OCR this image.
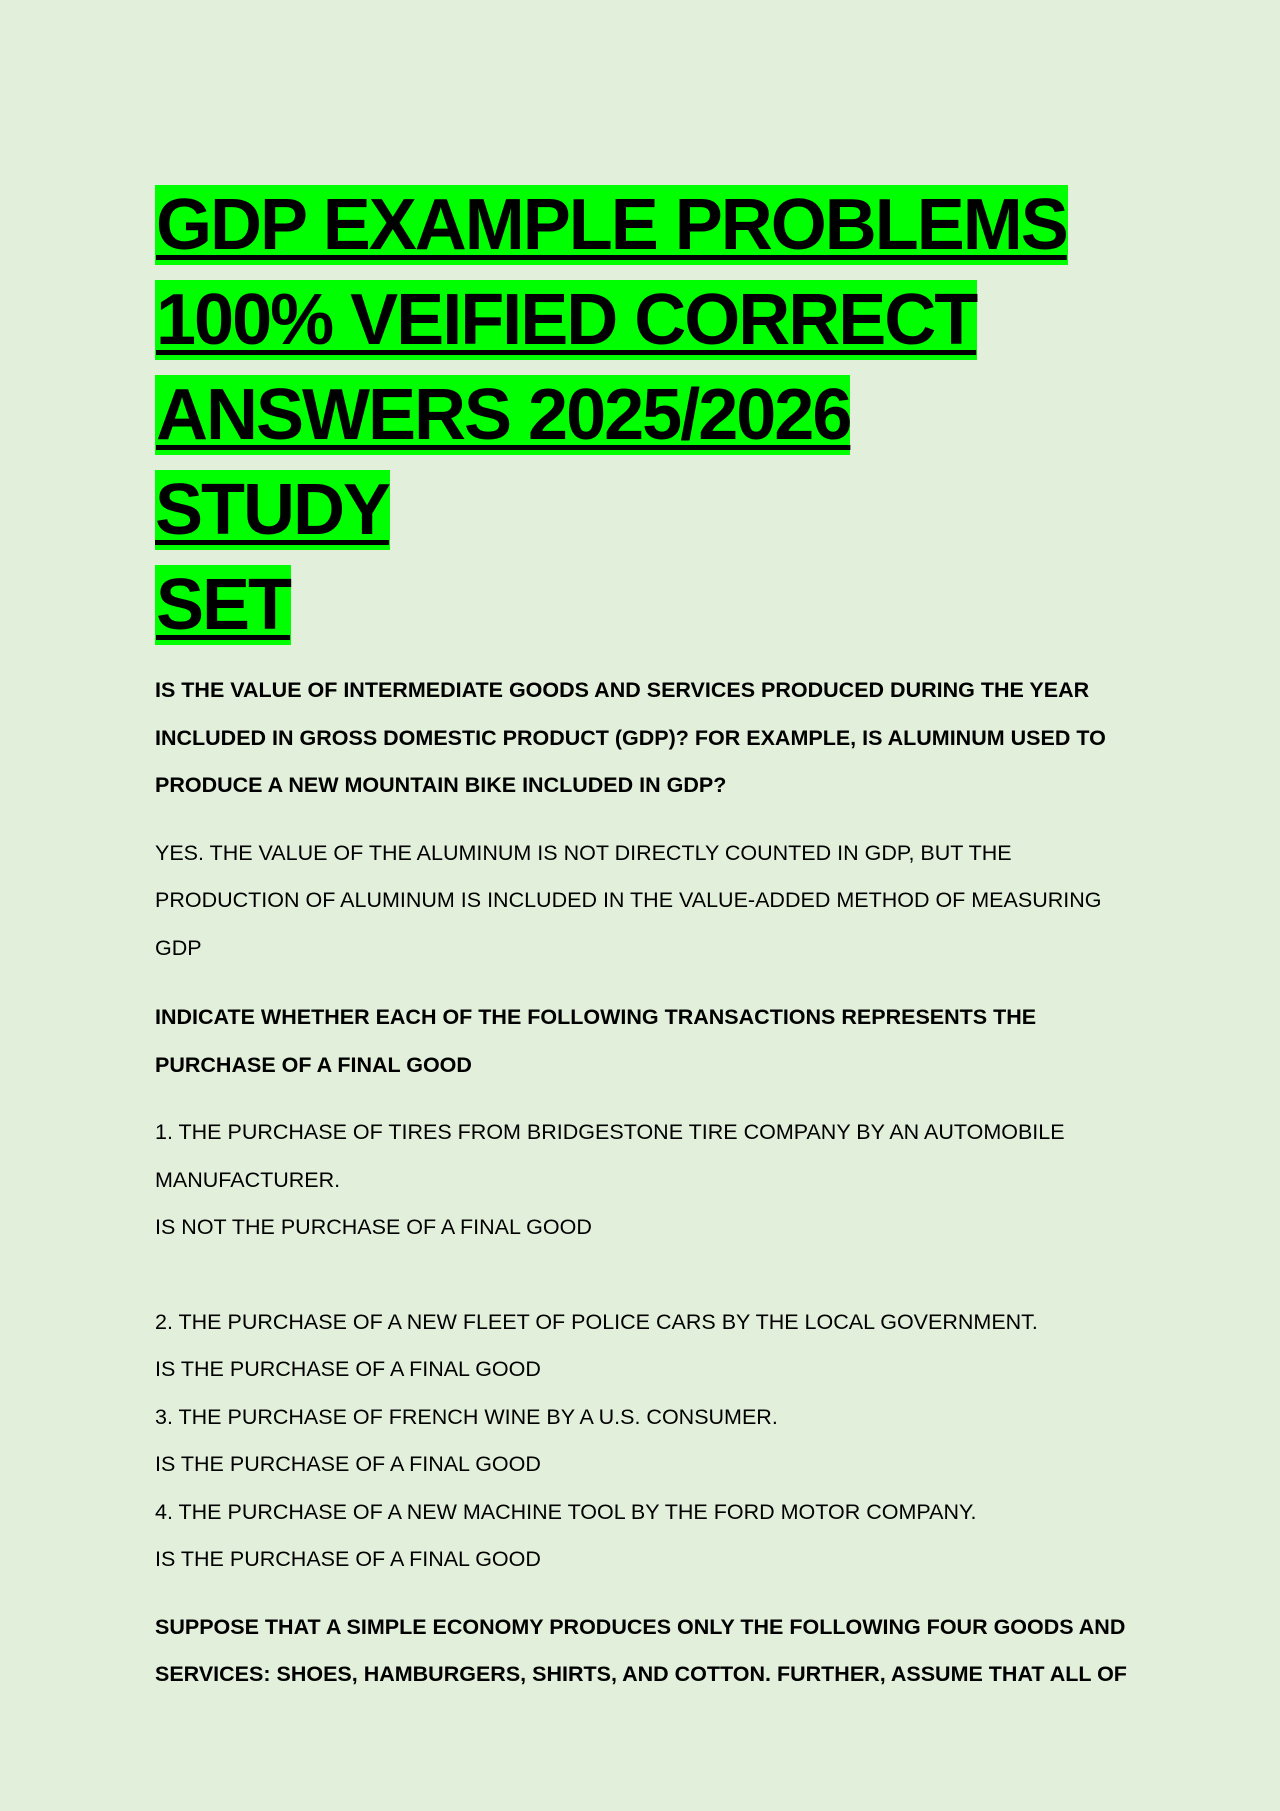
GDP EXAMPLE PROBLEMS
100% VEIFIED CORRECT
ANSWERS 2025/2026 STUDY
SET
IS THE VALUE OF INTERMEDIATE GOODS AND SERVICES PRODUCED DURING THE YEAR
INCLUDED IN GROSS DOMESTIC PRODUCT (GDP)? FOR EXAMPLE, IS ALUMINUM USED TO
PRODUCE A NEW MOUNTAIN BIKE INCLUDED IN GDP?
YES. THE VALUE OF THE ALUMINUM IS NOT DIRECTLY COUNTED IN GDP, BUT THE
PRODUCTION OF ALUMINUM IS INCLUDED IN THE VALUE-ADDED METHOD OF MEASURING
GDP
INDICATE WHETHER EACH OF THE FOLLOWING TRANSACTIONS REPRESENTS THE
PURCHASE OF A FINAL GOOD
1. THE PURCHASE OF TIRES FROM BRIDGESTONE TIRE COMPANY BY AN AUTOMOBILE
MANUFACTURER.
IS NOT THE PURCHASE OF A FINAL GOOD
2. THE PURCHASE OF A NEW FLEET OF POLICE CARS BY THE LOCAL GOVERNMENT.
IS THE PURCHASE OF A FINAL GOOD
3. THE PURCHASE OF FRENCH WINE BY A U.S. CONSUMER.
IS THE PURCHASE OF A FINAL GOOD
4. THE PURCHASE OF A NEW MACHINE TOOL BY THE FORD MOTOR COMPANY.
IS THE PURCHASE OF A FINAL GOOD
SUPPOSE THAT A SIMPLE ECONOMY PRODUCES ONLY THE FOLLOWING FOUR GOODS AND
SERVICES: SHOES, HAMBURGERS, SHIRTS, AND COTTON. FURTHER, ASSUME THAT ALL OF
